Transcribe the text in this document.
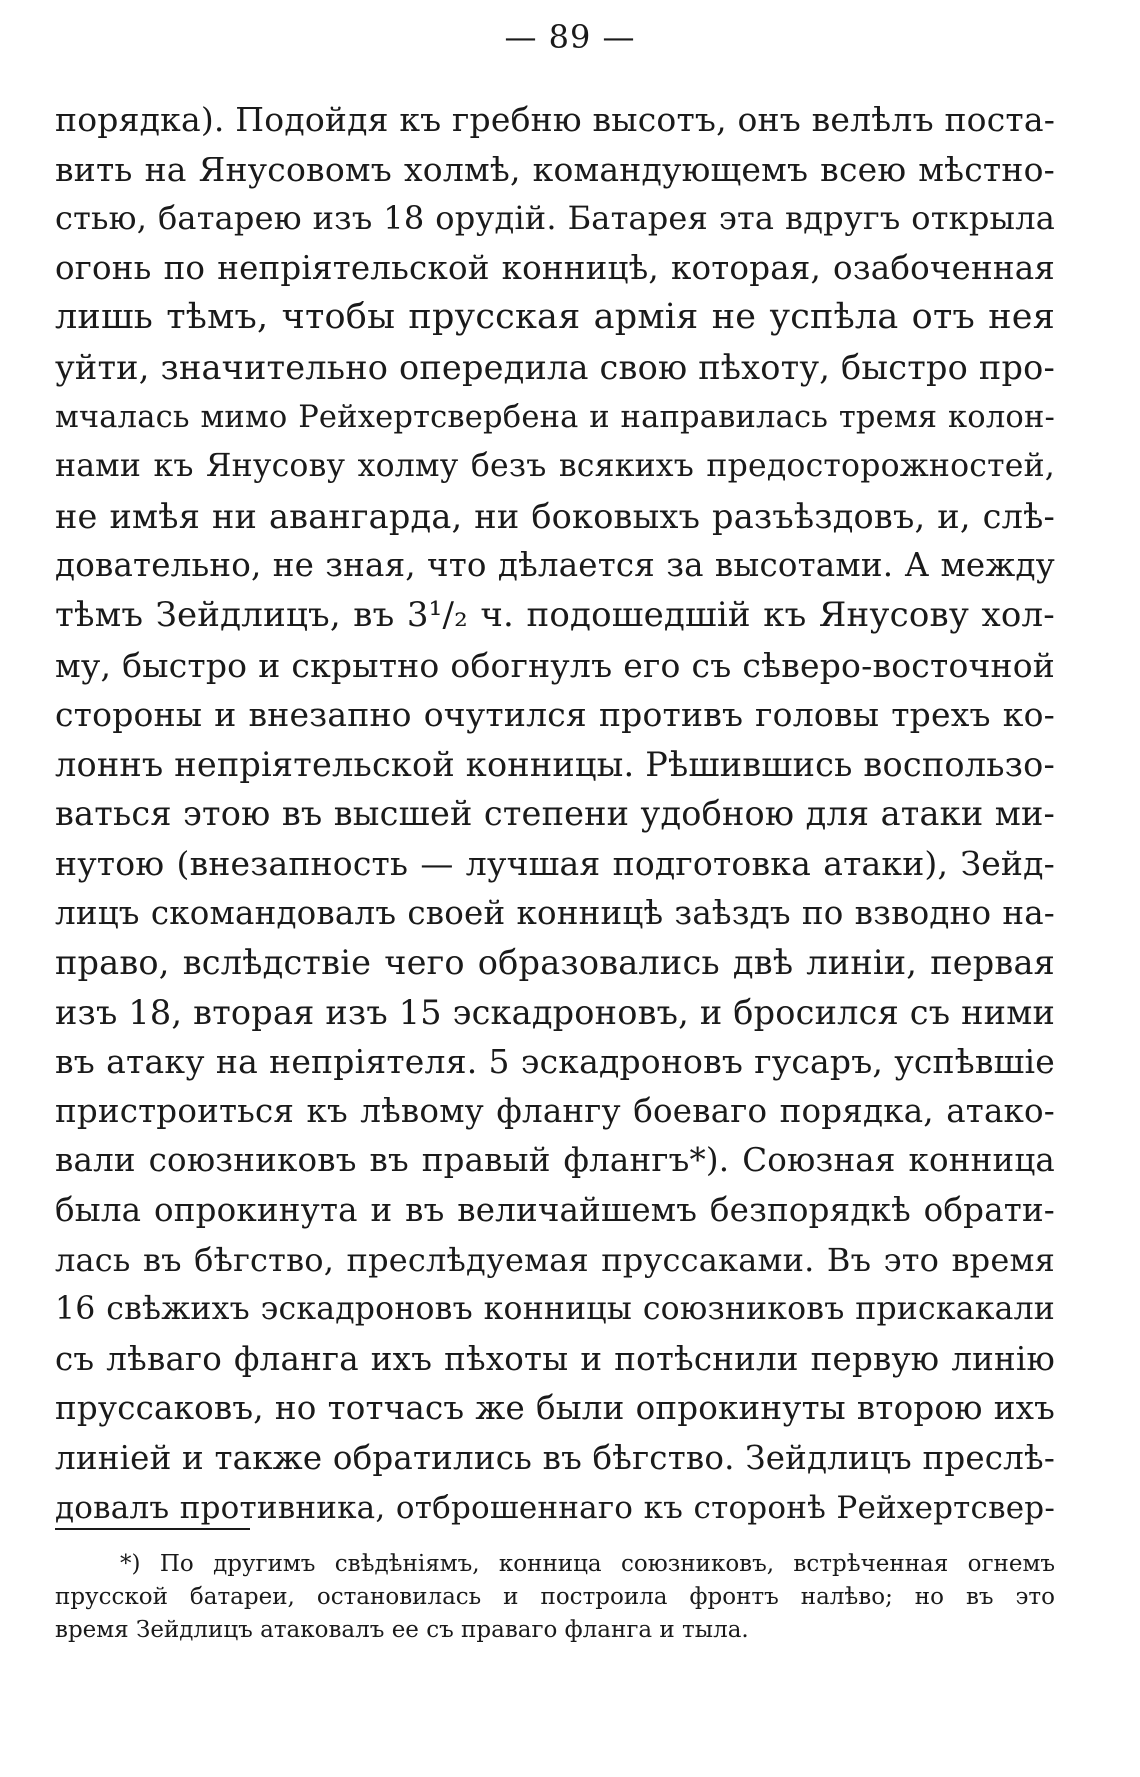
— 89 —
порядка). Подойдя къ гребню высотъ, онъ велѣлъ поста-
вить на Янусовомъ холмѣ, командующемъ всею мѣстно-
стью, батарею изъ 18 орудій. Батарея эта вдругъ открыла
огонь по непріятельской конницѣ, которая, озабоченная
лишь тѣмъ, чтобы прусская армія не успѣла отъ нея
уйти, значительно опередила свою пѣхоту, быстро про-
мчалась мимо Рейхертсвербена и направилась тремя колон-
нами къ Янусову холму безъ всякихъ предосторожностей,
не имѣя ни авангарда, ни боковыхъ разъѣздовъ, и, слѣ-
довательно, не зная, что дѣлается за высотами. А между
тѣмъ Зейдлицъ, въ 3¹/₂ ч. подошедшій къ Янусову хол-
му, быстро и скрытно обогнулъ его съ сѣверо-восточной
стороны и внезапно очутился противъ головы трехъ ко-
лоннъ непріятельской конницы. Рѣшившись воспользо-
ваться этою въ высшей степени удобною для атаки ми-
нутою (внезапность — лучшая подготовка атаки), Зейд-
лицъ скомандовалъ своей конницѣ заѣздъ по взводно на-
право, вслѣдствіе чего образовались двѣ линіи, первая
изъ 18, вторая изъ 15 эскадроновъ, и бросился съ ними
въ атаку на непріятеля. 5 эскадроновъ гусаръ, успѣвшіе
пристроиться къ лѣвому флангу боеваго порядка, атако-
вали союзниковъ въ правый флангъ*). Союзная конница
была опрокинута и въ величайшемъ безпорядкѣ обрати-
лась въ бѣгство, преслѣдуемая пруссаками. Въ это время
16 свѣжихъ эскадроновъ конницы союзниковъ прискакали
съ лѣваго фланга ихъ пѣхоты и потѣснили первую линію
пруссаковъ, но тотчасъ же были опрокинуты второю ихъ
линіей и также обратились въ бѣгство. Зейдлицъ преслѣ-
довалъ противника, отброшеннаго къ сторонѣ Рейхертсвер-
*) По другимъ свѣдѣніямъ, конница союзниковъ, встрѣченная огнемъ
прусской батареи, остановилась и построила фронтъ налѣво; но въ это
время Зейдлицъ атаковалъ ее съ праваго фланга и тыла.
